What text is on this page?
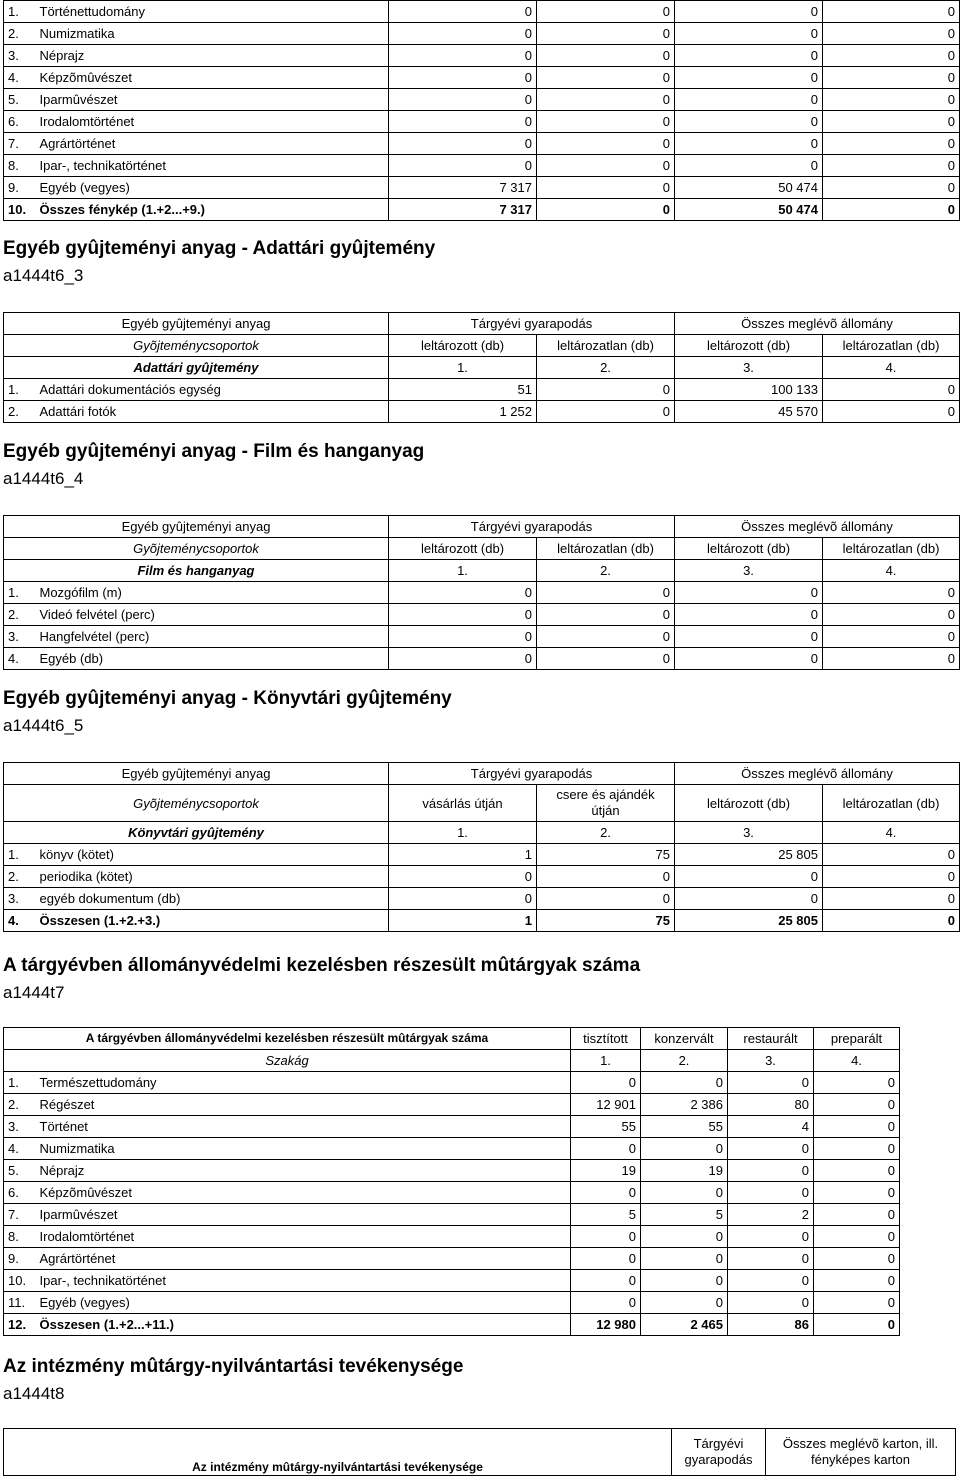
1.	Történettudomány	0	0	0	0
2.	Numizmatika	0	0	0	0
3.	Néprajz	0	0	0	0
4.	Képzõmûvészet	0	0	0	0
5.	Iparmûvészet	0	0	0	0
6.	Irodalomtörténet	0	0	0	0
7.	Agrártörténet	0	0	0	0
8.	Ipar-, technikatörténet	0	0	0	0
9.	Egyéb (vegyes)	7 317	0	50 474	0
10.	Összes fénykép (1.+2...+9.)	7 317	0	50 474	0
Egyéb gyûjteményi anyag - Adattári gyûjtemény
a1444t6_3
Egyéb gyûjteményi anyag		Tárgyévi gyarapodás		Összes meglévõ állomány	
Gyõjteménycsoportok		leltározott (db)	leltározatlan (db)	leltározott (db)	leltározatlan (db)
Adattári gyûjtemény		1.	2.	3.	4.
1.	Adattári dokumentációs egység	51	0	100 133	0
2.	Adattári fotók	1 252	0	45 570	0
Egyéb gyûjteményi anyag - Film és hanganyag
a1444t6_4
Egyéb gyûjteményi anyag		Tárgyévi gyarapodás		Összes meglévõ állomány	
Gyõjteménycsoportok		leltározott (db)	leltározatlan (db)	leltározott (db)	leltározatlan (db)
Film és hanganyag		1.	2.	3.	4.
1.	Mozgófilm (m)	0	0	0	0
2.	Videó felvétel (perc)	0	0	0	0
3.	Hangfelvétel (perc)	0	0	0	0
4.	Egyéb (db)	0	0	0	0
Egyéb gyûjteményi anyag - Könyvtári gyûjtemény
a1444t6_5
Egyéb gyûjteményi anyag		Tárgyévi gyarapodás		Összes meglévõ állomány	
Gyõjteménycsoportok		vásárlás útján	csere és ajándék útján	leltározott (db)	leltározatlan (db)
Könyvtári gyûjtemény		1.	2.	3.	4.
1.	könyv (kötet)	1	75	25 805	0
2.	periodika (kötet)	0	0	0	0
3.	egyéb dokumentum (db)	0	0	0	0
4.	Összesen (1.+2.+3.)	1	75	25 805	0
A tárgyévben állományvédelmi kezelésben részesült mûtárgyak száma
a1444t7
A tárgyévben állományvédelmi kezelésben részesült mûtárgyak száma		tisztított	konzervált	restaurált	preparált
Szakág		1.	2.	3.	4.
1.	Természettudomány	0	0	0	0
2.	Régészet	12 901	2 386	80	0
3.	Történet	55	55	4	0
4.	Numizmatika	0	0	0	0
5.	Néprajz	19	19	0	0
6.	Képzõmûvészet	0	0	0	0
7.	Iparmûvészet	5	5	2	0
8.	Irodalomtörténet	0	0	0	0
9.	Agrártörténet	0	0	0	0
10.	Ipar-, technikatörténet	0	0	0	0
11.	Egyéb (vegyes)	0	0	0	0
12.	Összesen (1.+2...+11.)	12 980	2 465	86	0
Az intézmény mûtárgy-nyilvántartási tevékenysége
a1444t8
Az intézmény mûtárgy-nyilvántartási tevékenysége	Tárgyévi gyarapodás	Összes meglévõ karton, ill. fényképes karton
